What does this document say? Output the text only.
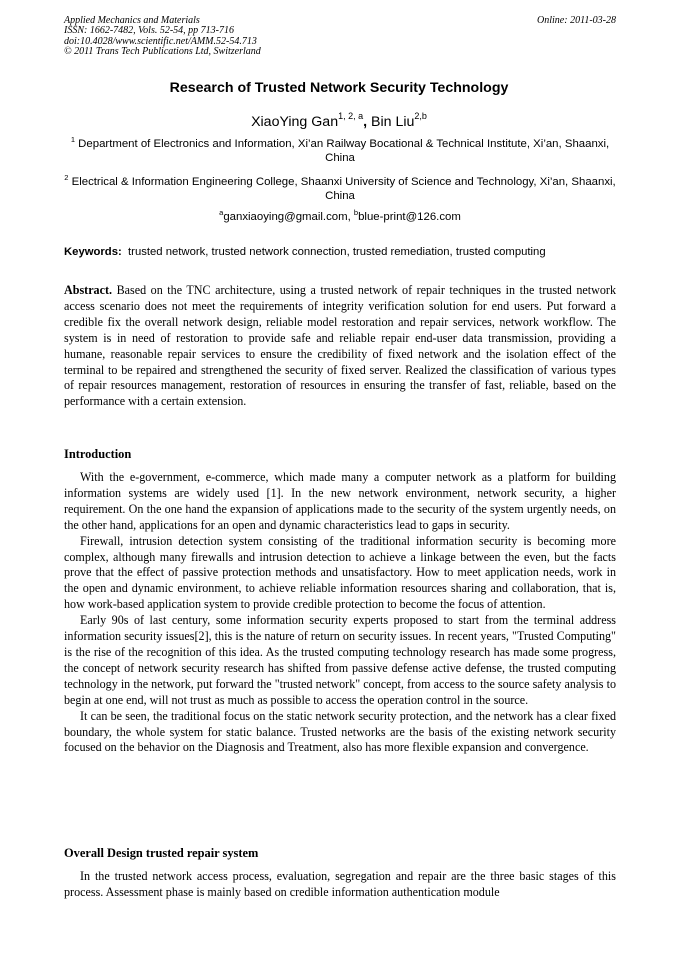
Applied Mechanics and Materials
ISSN: 1662-7482, Vols. 52-54, pp 713-716
doi:10.4028/www.scientific.net/AMM.52-54.713
© 2011 Trans Tech Publications Ltd, Switzerland
Online: 2011-03-28
Research of Trusted Network Security Technology
XiaoYing Gan$^{1, 2, a}$, Bin Liu$^{2,b}$
$^1$ Department of Electronics and Information, Xi’an Railway Bocational & Technical Institute, Xi’an, Shaanxi, China
$^2$ Electrical & Information Engineering College, Shaanxi University of Science and Technology, Xi’an, Shaanxi, China
$^a$ganxiaoying@gmail.com, $^b$blue-print@126.com
Keywords: trusted network, trusted network connection, trusted remediation, trusted computing

Abstract. Based on the TNC architecture, using a trusted network of repair techniques in the trusted network access scenario does not meet the requirements of integrity verification solution for end users. Put forward a credible fix the overall network design, reliable model restoration and repair services, network workflow. The system is in need of restoration to provide safe and reliable repair end-user data transmission, providing a humane, reasonable repair services to ensure the credibility of fixed network and the isolation effect of the terminal to be repaired and strengthened the security of fixed server. Realized the classification of various types of repair resources management, restoration of resources in ensuring the transfer of fast, reliable, based on the performance with a certain extension.

Introduction

With the e-government, e-commerce, which made many a computer network as a platform for building information systems are widely used [1]. In the new network environment, network security, a higher requirement. On the one hand the expansion of applications made to the security of the system urgently needs, on the other hand, applications for an open and dynamic characteristics lead to gaps in security.

Firewall, intrusion detection system consisting of the traditional information security is becoming more complex, although many firewalls and intrusion detection to achieve a linkage between the even, but the facts prove that the effect of passive protection methods and unsatisfactory. How to meet application needs, work in the open and dynamic environment, to achieve reliable information resources sharing and collaboration, that is, how work-based application system to provide credible protection to become the focus of attention.

Early 90s of last century, some information security experts proposed to start from the terminal address information security issues[2], this is the nature of return on security issues. In recent years, "Trusted Computing" is the rise of the recognition of this idea. As the trusted computing technology research has made some progress, the concept of network security research has shifted from passive defense active defense, the trusted computing technology in the network, put forward the "trusted network" concept, from access to the source safety analysis to begin at one end, will not trust as much as possible to access the operation control in the source.

It can be seen, the traditional focus on the static network security protection, and the network has a clear fixed boundary, the whole system for static balance. Trusted networks are the basis of the existing network security focused on the behavior on the Diagnosis and Treatment, also has more flexible expansion and convergence.

Overall Design trusted repair system

In the trusted network access process, evaluation, segregation and repair are the three basic stages of this process. Assessment phase is mainly based on credible information authentication module
